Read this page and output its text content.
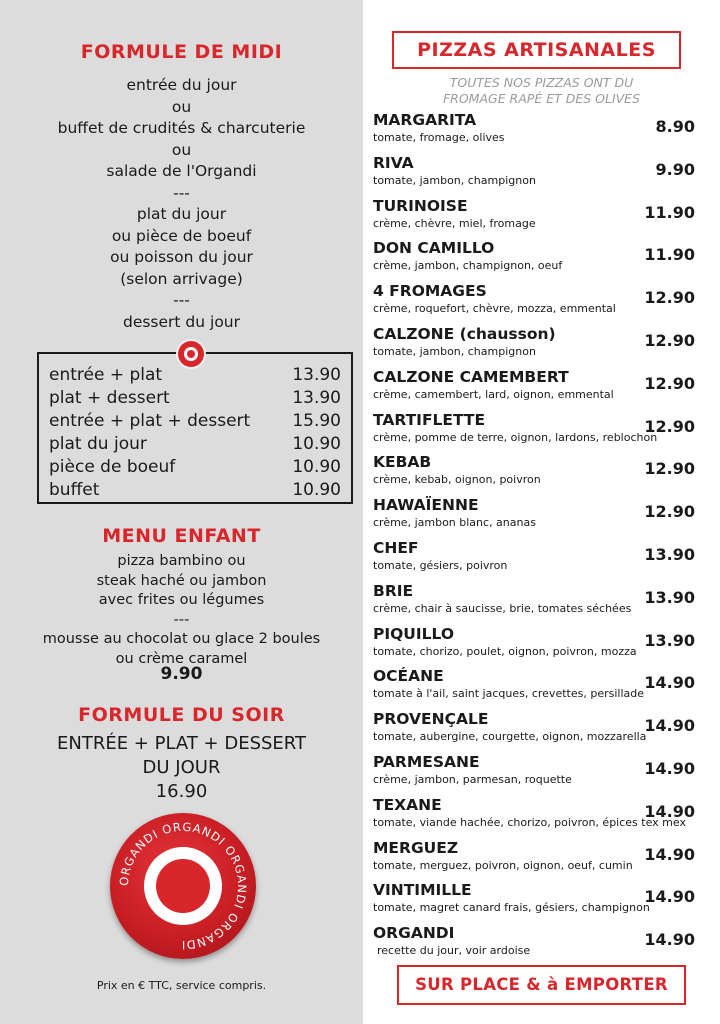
FORMULE DE MIDI
entrée du jour
ou
buffet de crudités & charcuterie
ou
salade de l'Organdi
---
plat du jour
ou pièce de boeuf
ou poisson du jour
(selon arrivage)
---
dessert du jour
entrée + plat	13.90
plat + dessert	13.90
entrée + plat + dessert 15.90
plat du jour	10.90
pièce de boeuf	10.90
buffet	10.90
MENU ENFANT
pizza bambino ou
steak haché ou jambon
avec frites ou légumes
---
mousse au chocolat ou glace 2 boules
ou crème caramel
9.90
FORMULE DU SOIR
ENTRÉE + PLAT + DESSERT
DU JOUR
16.90
ORGANDI ORGANDI ORGANDI ORGANDI
Prix en € TTC, service compris.
PIZZAS ARTISANALES
TOUTES NOS PIZZAS ONT DU
FROMAGE RAPÉ ET DES OLIVES
MARGARITA
tomate, fromage, olives
8.90
RIVA
tomate, jambon, champignon
9.90
TURINOISE
crème, chèvre, miel, fromage
11.90
DON CAMILLO
crème, jambon, champignon, oeuf
11.90
4 FROMAGES
crème, roquefort, chèvre, mozza, emmental
12.90
CALZONE (chausson)
tomate, jambon, champignon
12.90
CALZONE CAMEMBERT
crème, camembert, lard, oignon, emmental
12.90
TARTIFLETTE
crème, pomme de terre, oignon, lardons, reblochon
12.90
KEBAB
crème, kebab, oignon, poivron
12.90
HAWAÏENNE
crème, jambon blanc, ananas
12.90
CHEF
tomate, gésiers, poivron
13.90
BRIE
crème, chair à saucisse, brie, tomates séchées
13.90
PIQUILLO
tomate, chorizo, poulet, oignon, poivron, mozza
13.90
OCÉANE
tomate à l'ail, saint jacques, crevettes, persillade
14.90
PROVENÇALE
tomate, aubergine, courgette, oignon, mozzarella
14.90
PARMESANE
crème, jambon, parmesan, roquette
14.90
TEXANE
tomate, viande hachée, chorizo, poivron, épices tex mex
14.90
MERGUEZ
tomate, merguez, poivron, oignon, oeuf, cumin
14.90
VINTIMILLE
tomate, magret canard frais, gésiers, champignon
14.90
ORGANDI
recette du jour, voir ardoise
14.90
SUR PLACE & à EMPORTER
